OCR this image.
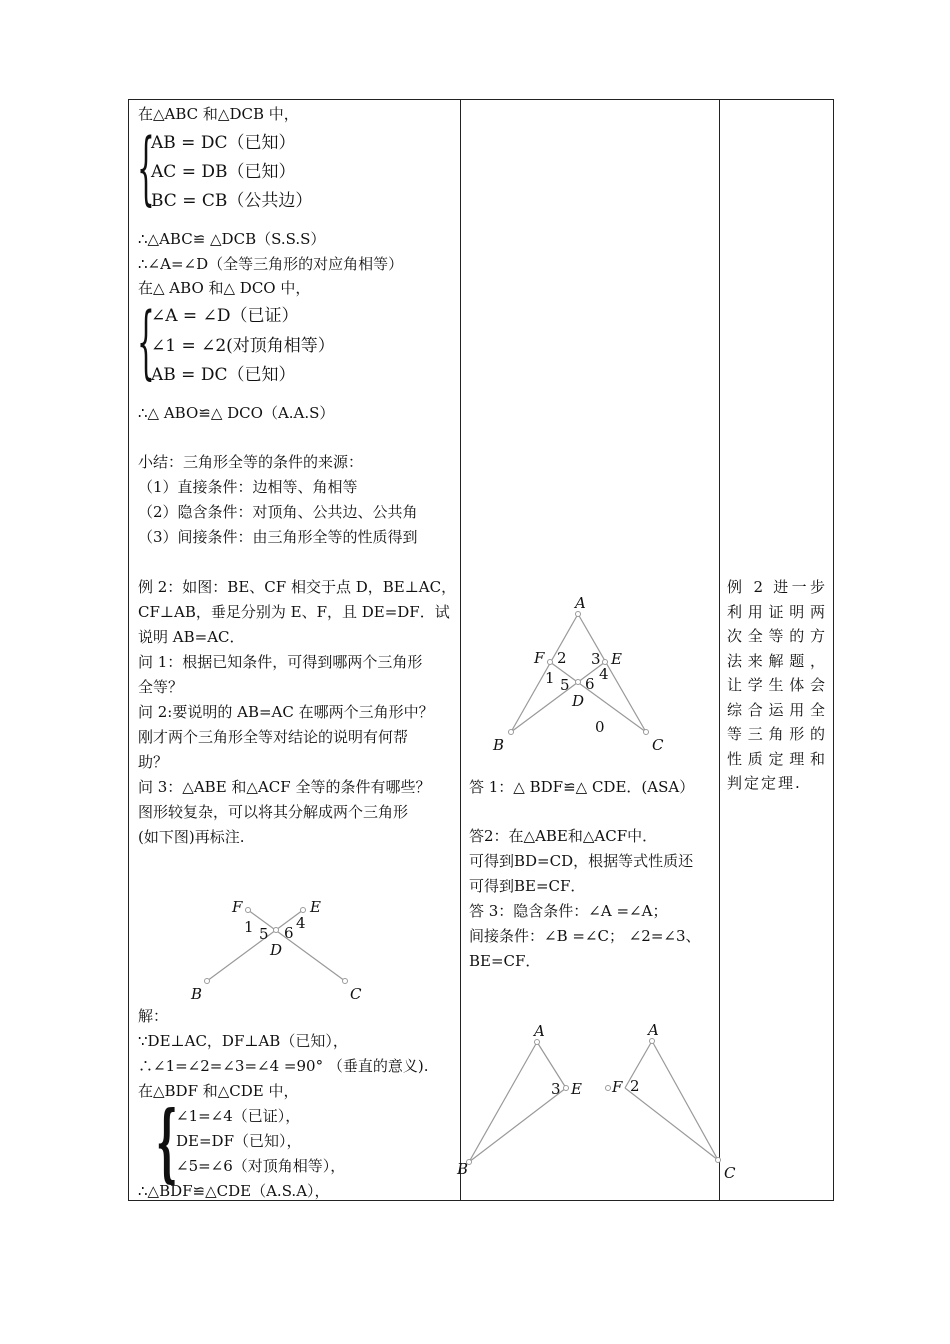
在△ABC 和△DCB 中，
{
AB = DC（已知）
AC = DB（已知）
BC = CB（公共边）
∴△ABC≌ △DCB（S.S.S）
∴∠A=∠D（全等三角形的对应角相等）
在△ ABO 和△ DCO 中，
{
∠A = ∠D（已证）
∠1 = ∠2(对顶角相等）
AB = DC（已知）
∴△ ABO≌△ DCO（A.A.S）
小结：三角形全等的条件的来源：
（1）直接条件：边相等、角相等
（2）隐含条件：对顶角、公共边、公共角
（3）间接条件：由三角形全等的性质得到
例 2：如图：BE、CF 相交于点 D，BE⊥AC，
CF⊥AB，垂足分别为 E、F，且 DE=DF．试
说明 AB=AC．
问 1：根据已知条件，可得到哪两个三角形
全等？
问 2:要说明的 AB=AC 在哪两个三角形中？
刚才两个三角形全等对结论的说明有何帮
助？
问 3：△ABE 和△ACF 全等的条件有哪些？
图形较复杂，可以将其分解成两个三角形
(如下图)再标注.
F	E
4
1 5 6
D
B	C
解：
∵DE⊥AC，DF⊥AB（已知），
∴∠1=∠2=∠3=∠4 =90° （垂直的意义).
在△BDF 和△CDE 中，
{
∠1=∠4（已证），
DE=DF（已知），
∠5=∠6（对顶角相等），
∴△BDF≌△CDE（A.S.A），
A
F 2 3 E
4
1 5 6
D
B	C
0
答 1：△ BDF≌△ CDE．(ASA）
答2：在△ABE和△ACF中．
可得到BD=CD，根据等式性质还
可得到BE=CF．
答 3：隐含条件：∠A =∠A；
间接条件：∠B =∠C； ∠2=∠3、
BE=CF．
A
3 E
B
A
F 2
C
例 2 进一步利用证明两次全等的方法来解题，让学生体会综合运用全等三角形的性质定理和判定定理.
